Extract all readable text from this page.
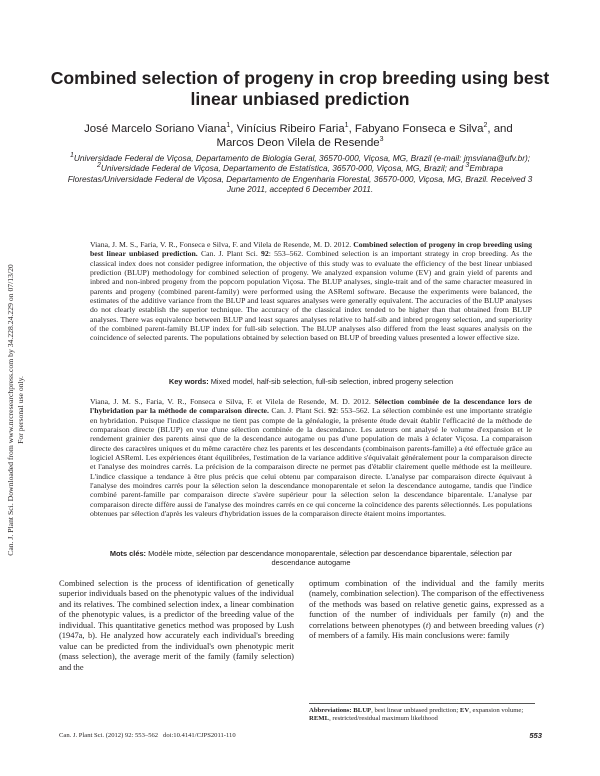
Can. J. Plant Sci. Downloaded from www.nrcresearchpress.com by 34.228.24.229 on 07/13/20 For personal use only.
Combined selection of progeny in crop breeding using best linear unbiased prediction
José Marcelo Soriano Viana$^1$, Vinícius Ribeiro Faria$^1$, Fabyano Fonseca e Silva$^2$, and
Marcos Deon Vilela de Resende$^3$
$^1$Universidade Federal de Viçosa, Departamento de Biologia Geral, 36570-000, Viçosa, MG, Brazil (e-mail: jmsviana@ufv.br); $^2$Universidade Federal de Viçosa, Departamento de Estatística, 36570-000, Viçosa, MG, Brazil; and $^3$Embrapa Florestas/Universidade Federal de Viçosa, Departamento de Engenharia Florestal, 36570-000, Viçosa, MG, Brazil. Received 3 June 2011, accepted 6 December 2011.
Viana, J. M. S., Faria, V. R., Fonseca e Silva, F. and Vilela de Resende, M. D. 2012. Combined selection of progeny in crop breeding using best linear unbiased prediction. Can. J. Plant Sci. 92: 553–562. Combined selection is an important strategy in crop breeding. As the classical index does not consider pedigree information, the objective of this study was to evaluate the efficiency of the best linear unbiased prediction (BLUP) methodology for combined selection of progeny. We analyzed expansion volume (EV) and grain yield of parents and inbred and non-inbred progeny from the popcorn population Viçosa. The BLUP analyses, single-trait and of the same character measured in parents and progeny (combined parent-family) were performed using the ASReml software. Because the experiments were balanced, the estimates of the additive variance from the BLUP and least squares analyses were generally equivalent. The accuracies of the BLUP analyses do not clearly establish the superior technique. The accuracy of the classical index tended to be higher than that obtained from BLUP analyses. There was equivalence between BLUP and least squares analyses relative to half-sib and inbred progeny selection, and superiority of the combined parent-family BLUP index for full-sib selection. The BLUP analyses also differed from the least squares analysis on the coincidence of selected parents. The populations obtained by selection based on BLUP of breeding values presented a lower effective size.
Key words: Mixed model, half-sib selection, full-sib selection, inbred progeny selection
Viana, J. M. S., Faria, V. R., Fonseca e Silva, F. et Vilela de Resende, M. D. 2012. Sélection combinée de la descendance lors de l'hybridation par la méthode de comparaison directe. Can. J. Plant Sci. 92: 553–562. La sélection combinée est une importante stratégie en hybridation. Puisque l'indice classique ne tient pas compte de la généalogie, la présente étude devait établir l'efficacité de la méthode de comparaison directe (BLUP) en vue d'une sélection combinée de la descendance. Les auteurs ont analysé le volume d'expansion et le rendement grainier des parents ainsi que de la descendance autogame ou pas d'une population de maïs à éclater Viçosa. La comparaison directe des caractères uniques et du même caractère chez les parents et les descendants (combinaison parents-famille) a été effectuée grâce au logiciel ASReml. Les expériences étant équilibrées, l'estimation de la variance additive s'équivalait généralement pour la comparaison directe et l'analyse des moindres carrés. La précision de la comparaison directe ne permet pas d'établir clairement quelle méthode est la meilleure. L'indice classique a tendance à être plus précis que celui obtenu par comparaison directe. L'analyse par comparaison directe équivaut à l'analyse des moindres carrés pour la sélection selon la descendance monoparentale et selon la descendance autogame, tandis que l'indice combiné parent-famille par comparaison directe s'avère supérieur pour la sélection selon la descendance biparentale. L'analyse par comparaison directe diffère aussi de l'analyse des moindres carrés en ce qui concerne la coïncidence des parents sélectionnés. Les populations obtenues par sélection d'après les valeurs d'hybridation issues de la comparaison directe étaient moins importantes.
Mots clés: Modèle mixte, sélection par descendance monoparentale, sélection par descendance biparentale, sélection par descendance autogame
Combined selection is the process of identification of genetically superior individuals based on the phenotypic values of the individual and its relatives. The combined selection index, a linear combination of the phenotypic values, is a predictor of the breeding value of the individual. This quantitative genetics method was proposed by Lush (1947a, b). He analyzed how accurately each individual's breeding value can be predicted from the individual's own phenotypic merit (mass selection), the average merit of the family (family selection) and the
optimum combination of the individual and the family merits (namely, combination selection). The comparison of the effectiveness of the methods was based on relative genetic gains, expressed as a function of the number of individuals per family (n) and the correlations between phenotypes (t) and between breeding values (r) of members of a family. His main conclusions were: family
Abbreviations: BLUP, best linear unbiased prediction; EV, expansion volume; REML, restricted/residual maximum likelihood
Can. J. Plant Sci. (2012) 92: 553–562 doi:10.4141/CJPS2011-110	553
